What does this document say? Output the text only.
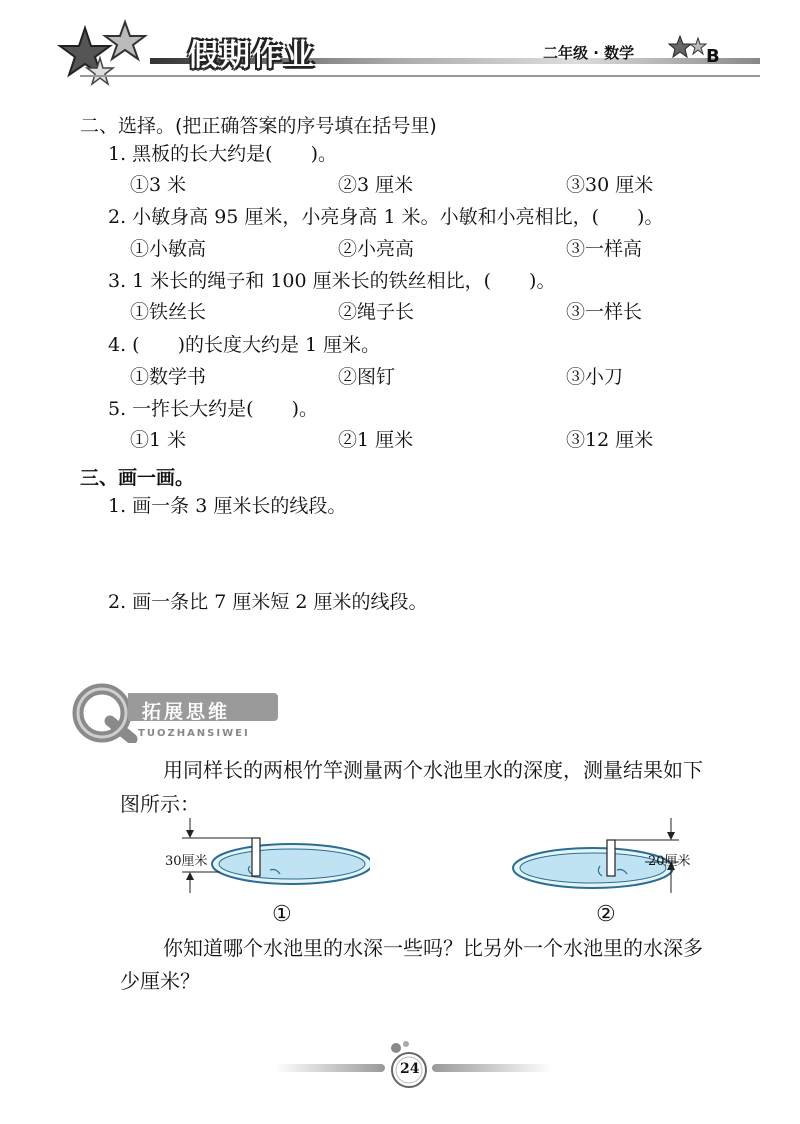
假期作业	二年级 · 数学	B
二、选择。(把正确答案的序号填在括号里)
1. 黑板的长大约是(　　)。
①3 米	②3 厘米	③30 厘米
2. 小敏身高 95 厘米，小亮身高 1 米。小敏和小亮相比，(　　)。
①小敏高	②小亮高	③一样高
3. 1 米长的绳子和 100 厘米长的铁丝相比，(　　)。
①铁丝长	②绳子长	③一样长
4. (　　)的长度大约是 1 厘米。
①数学书	②图钉	③小刀
5. 一拃长大约是(　　)。
①1 米	②1 厘米	③12 厘米
三、画一画。
1. 画一条 3 厘米长的线段。
2. 画一条比 7 厘米短 2 厘米的线段。
拓展思维
TUOZHANSIWEI
用同样长的两根竹竿测量两个水池里水的深度，测量结果如下
图所示：
30厘米	20厘米
①	②
你知道哪个水池里的水深一些吗？比另外一个水池里的水深多
少厘米？
24
